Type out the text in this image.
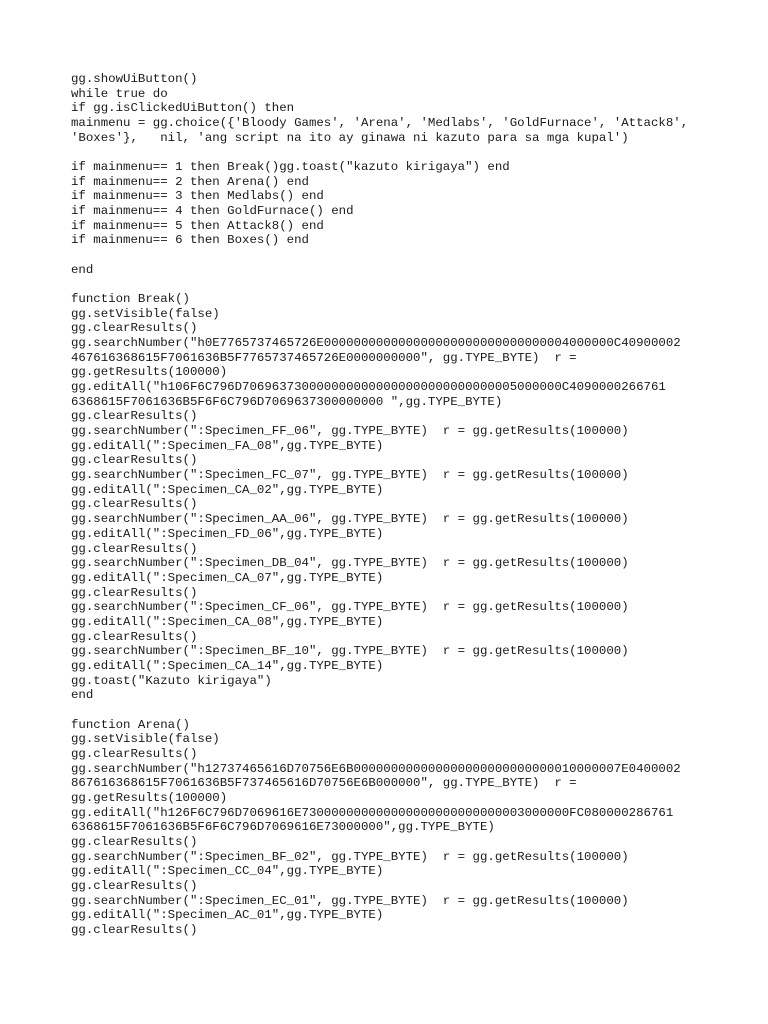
gg.showUiButton()
while true do
if gg.isClickedUiButton() then
mainmenu = gg.choice({'Bloody Games', 'Arena', 'Medlabs', 'GoldFurnace', 'Attack8',
'Boxes'},   nil, 'ang script na ito ay ginawa ni kazuto para sa mga kupal')
if mainmenu== 1 then Break()gg.toast("kazuto kirigaya") end
if mainmenu== 2 then Arena() end
if mainmenu== 3 then Medlabs() end
if mainmenu== 4 then GoldFurnace() end
if mainmenu== 5 then Attack8() end
if mainmenu== 6 then Boxes() end
end
function Break()
gg.setVisible(false)
gg.clearResults()
gg.searchNumber("h0E7765737465726E000000000000000000000000000000004000000C40900002
467616368615F7061636B5F7765737465726E0000000000", gg.TYPE_BYTE)  r =
gg.getResults(100000)
gg.editAll("h106F6C796D7069637300000000000000000000000000005000000C4090000266761
6368615F7061636B5F6F6C796D7069637300000000 ",gg.TYPE_BYTE)
gg.clearResults()
gg.searchNumber(":Specimen_FF_06", gg.TYPE_BYTE)  r = gg.getResults(100000)
gg.editAll(":Specimen_FA_08",gg.TYPE_BYTE)
gg.clearResults()
gg.searchNumber(":Specimen_FC_07", gg.TYPE_BYTE)  r = gg.getResults(100000)
gg.editAll(":Specimen_CA_02",gg.TYPE_BYTE)
gg.clearResults()
gg.searchNumber(":Specimen_AA_06", gg.TYPE_BYTE)  r = gg.getResults(100000)
gg.editAll(":Specimen_FD_06",gg.TYPE_BYTE)
gg.clearResults()
gg.searchNumber(":Specimen_DB_04", gg.TYPE_BYTE)  r = gg.getResults(100000)
gg.editAll(":Specimen_CA_07",gg.TYPE_BYTE)
gg.clearResults()
gg.searchNumber(":Specimen_CF_06", gg.TYPE_BYTE)  r = gg.getResults(100000)
gg.editAll(":Specimen_CA_08",gg.TYPE_BYTE)
gg.clearResults()
gg.searchNumber(":Specimen_BF_10", gg.TYPE_BYTE)  r = gg.getResults(100000)
gg.editAll(":Specimen_CA_14",gg.TYPE_BYTE)
gg.toast("Kazuto kirigaya")
end
function Arena()
gg.setVisible(false)
gg.clearResults()
gg.searchNumber("h12737465616D70756E6B000000000000000000000000000010000007E0400002
867616368615F7061636B5F737465616D70756E6B000000", gg.TYPE_BYTE)  r =
gg.getResults(100000)
gg.editAll("h126F6C796D7069616E730000000000000000000000000003000000FC080000286761
6368615F7061636B5F6F6C796D7069616E73000000",gg.TYPE_BYTE)
gg.clearResults()
gg.searchNumber(":Specimen_BF_02", gg.TYPE_BYTE)  r = gg.getResults(100000)
gg.editAll(":Specimen_CC_04",gg.TYPE_BYTE)
gg.clearResults()
gg.searchNumber(":Specimen_EC_01", gg.TYPE_BYTE)  r = gg.getResults(100000)
gg.editAll(":Specimen_AC_01",gg.TYPE_BYTE)
gg.clearResults()
